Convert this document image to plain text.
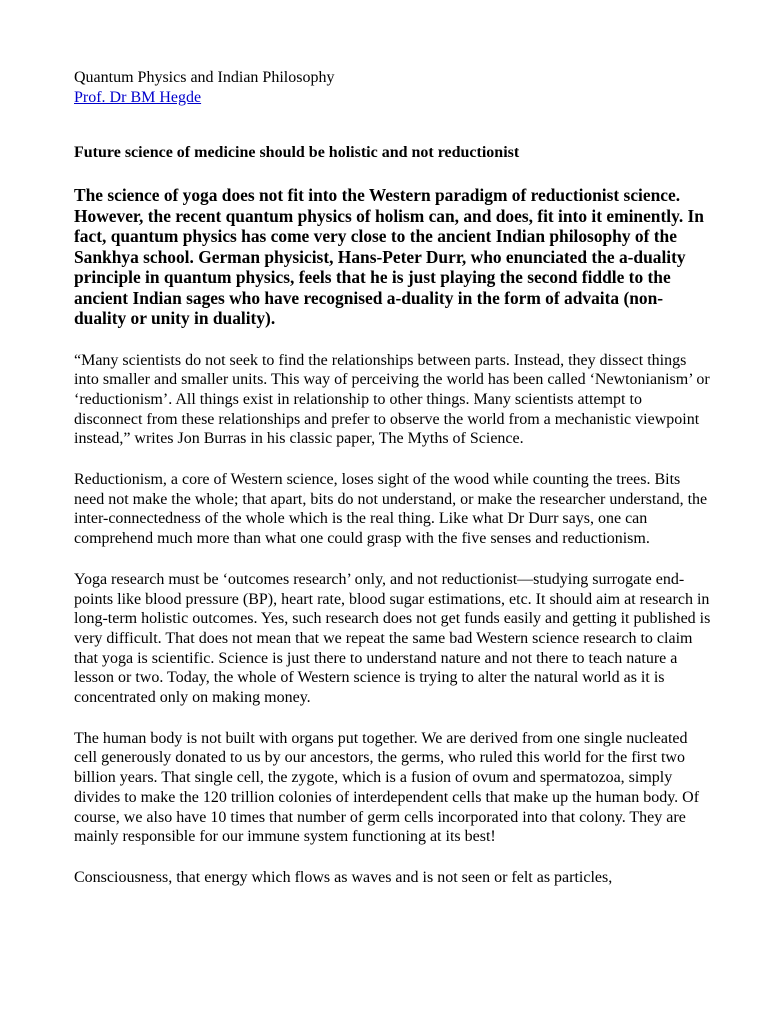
Quantum Physics and Indian Philosophy

Prof. Dr BM Hegde

Future science of medicine should be holistic and not reductionist

The science of yoga does not fit into the Western paradigm of reductionist science. However, the recent quantum physics of holism can, and does, fit into it eminently. In fact, quantum physics has come very close to the ancient Indian philosophy of the Sankhya school. German physicist, Hans-Peter Durr, who enunciated the a-duality principle in quantum physics, feels that he is just playing the second fiddle to the ancient Indian sages who have recognised a-duality in the form of advaita (non-duality or unity in duality).

“Many scientists do not seek to find the relationships between parts. Instead, they dissect things into smaller and smaller units. This way of perceiving the world has been called ‘Newtonianism’ or ‘reductionism’. All things exist in relationship to other things. Many scientists attempt to disconnect from these relationships and prefer to observe the world from a mechanistic viewpoint instead,” writes Jon Burras in his classic paper, The Myths of Science.

Reductionism, a core of Western science, loses sight of the wood while counting the trees. Bits need not make the whole; that apart, bits do not understand, or make the researcher understand, the inter-connectedness of the whole which is the real thing. Like what Dr Durr says, one can comprehend much more than what one could grasp with the five senses and reductionism.

Yoga research must be ‘outcomes research’ only, and not reductionist—studying surrogate end-points like blood pressure (BP), heart rate, blood sugar estimations, etc. It should aim at research in long-term holistic outcomes. Yes, such research does not get funds easily and getting it published is very difficult. That does not mean that we repeat the same bad Western science research to claim that yoga is scientific. Science is just there to understand nature and not there to teach nature a lesson or two. Today, the whole of Western science is trying to alter the natural world as it is concentrated only on making money.

The human body is not built with organs put together. We are derived from one single nucleated cell generously donated to us by our ancestors, the germs, who ruled this world for the first two billion years. That single cell, the zygote, which is a fusion of ovum and spermatozoa, simply divides to make the 120 trillion colonies of interdependent cells that make up the human body. Of course, we also have 10 times that number of germ cells incorporated into that colony. They are mainly responsible for our immune system functioning at its best!

Consciousness, that energy which flows as waves and is not seen or felt as particles,
